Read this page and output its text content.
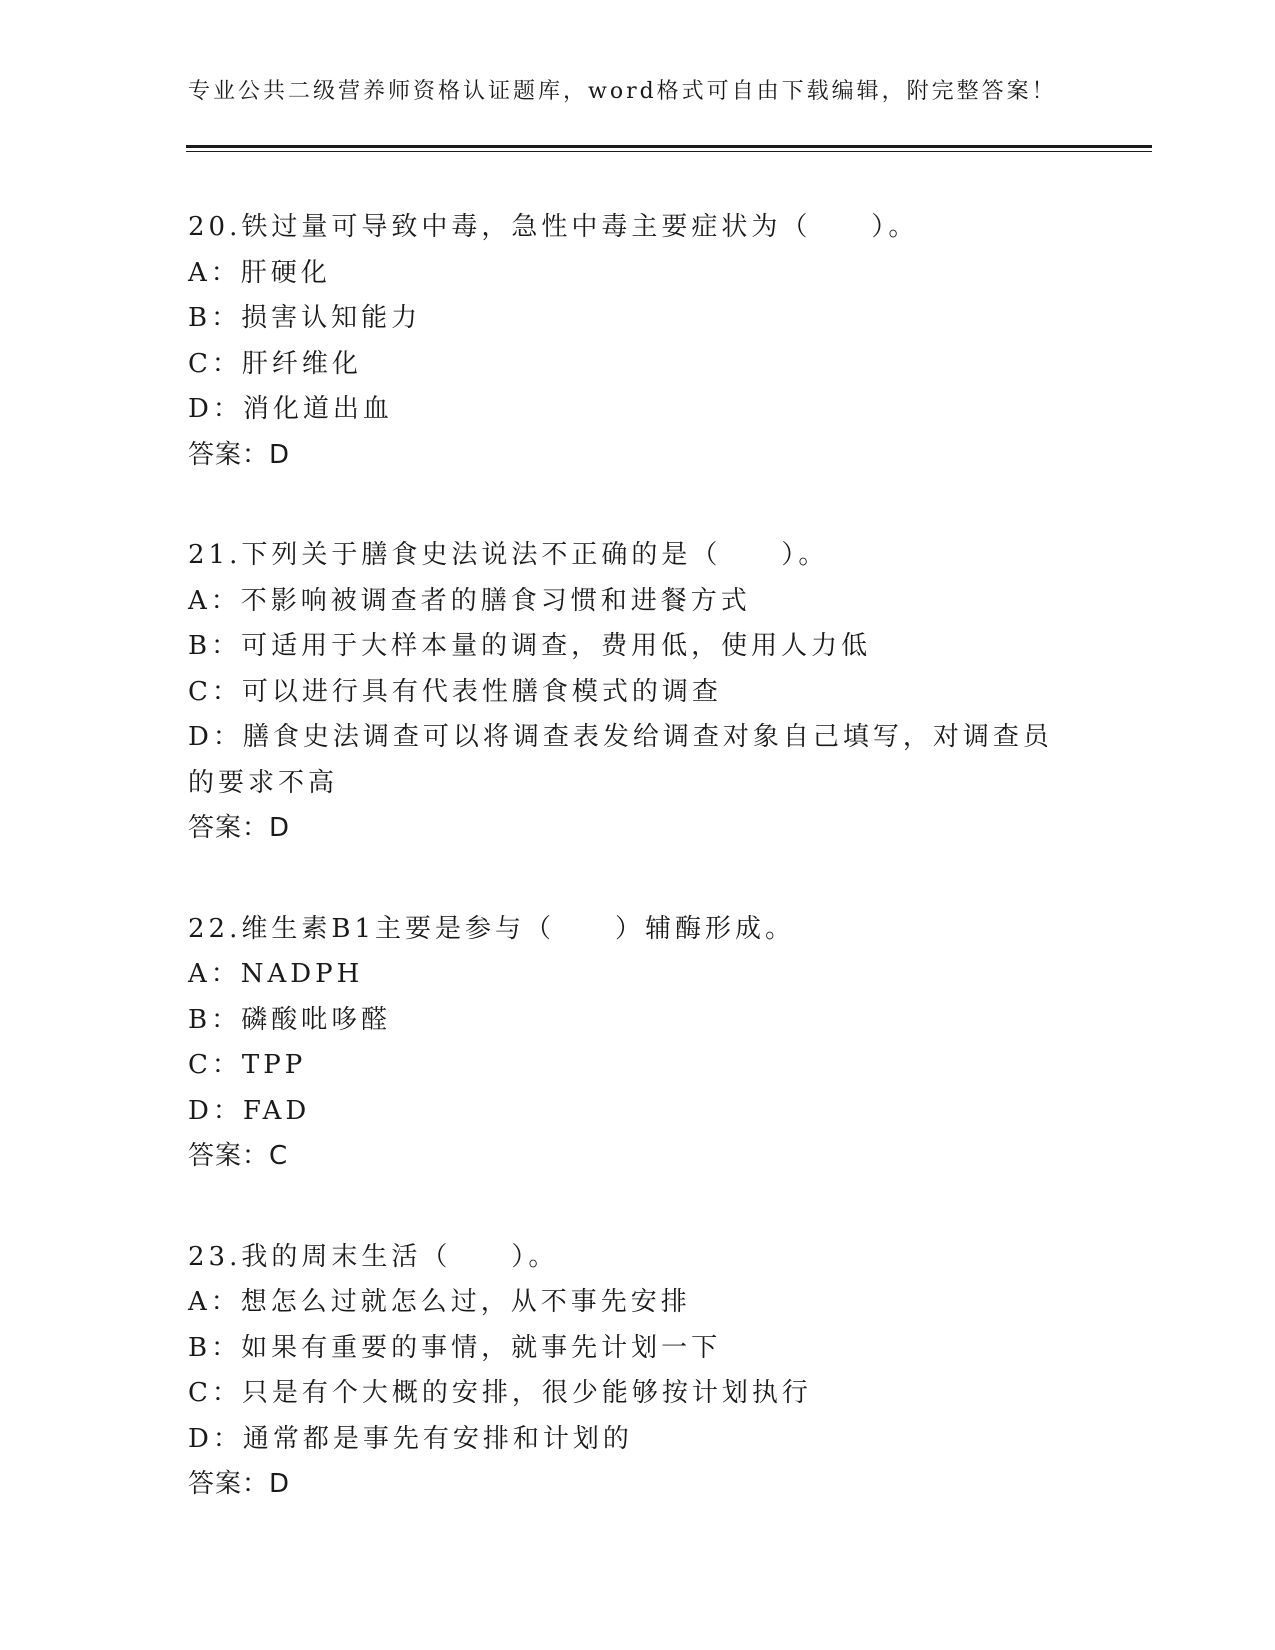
专业公共二级营养师资格认证题库，word格式可自由下载编辑，附完整答案！
20.铁过量可导致中毒，急性中毒主要症状为（　　）。
A：肝硬化
B：损害认知能力
C：肝纤维化
D：消化道出血
答案：D
21.下列关于膳食史法说法不正确的是（　　）。
A：不影响被调查者的膳食习惯和进餐方式
B：可适用于大样本量的调查，费用低，使用人力低
C：可以进行具有代表性膳食模式的调查
D：膳食史法调查可以将调查表发给调查对象自己填写，对调查员的要求不高
答案：D
22.维生素B1主要是参与（　　）辅酶形成。
A：NADPH
B：磷酸吡哆醛
C：TPP
D：FAD
答案：C
23.我的周末生活（　　）。
A：想怎么过就怎么过，从不事先安排
B：如果有重要的事情，就事先计划一下
C：只是有个大概的安排，很少能够按计划执行
D：通常都是事先有安排和计划的
答案：D
